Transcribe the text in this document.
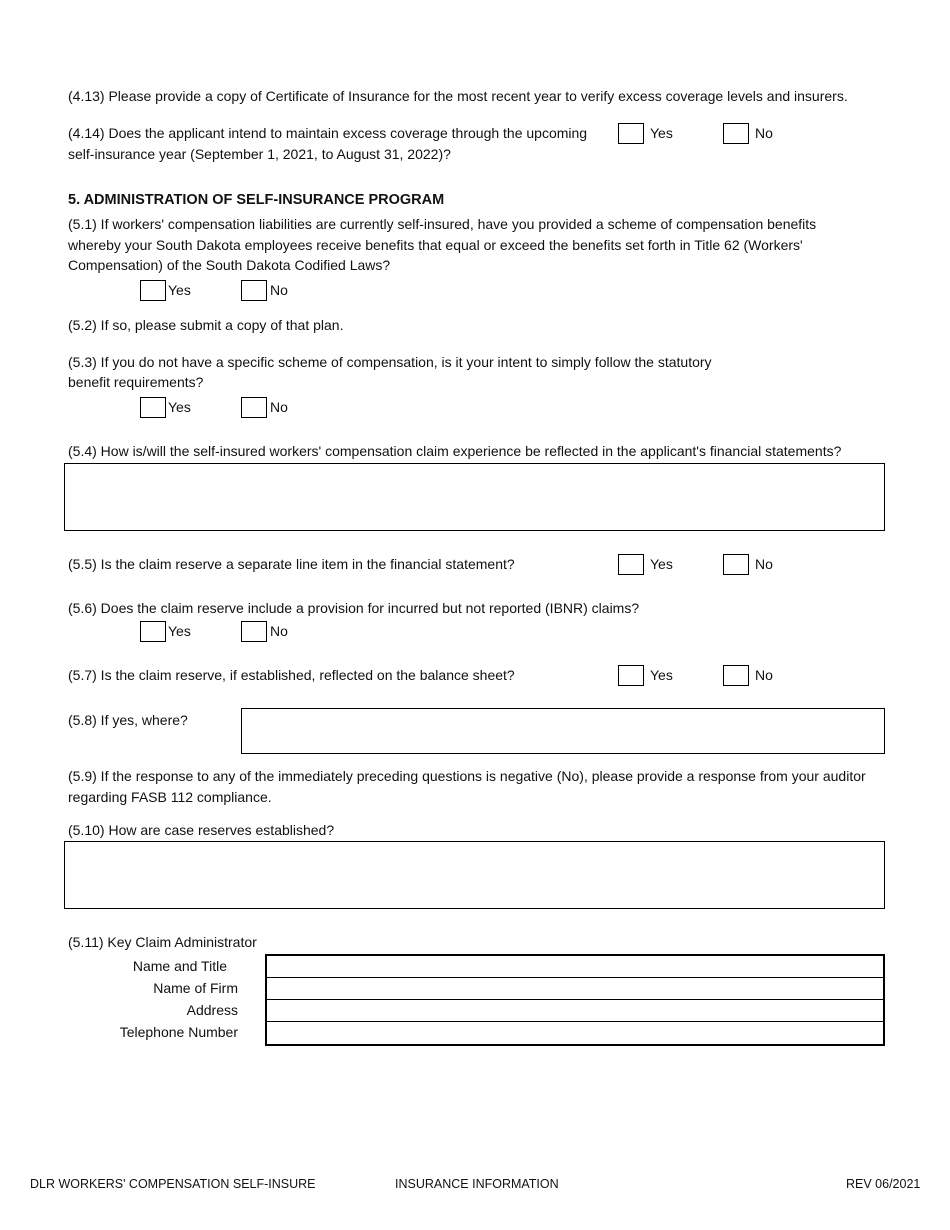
(4.13) Please provide a copy of Certificate of Insurance for the most recent year to verify excess coverage levels and insurers.
(4.14) Does the applicant intend to maintain excess coverage through the upcoming
self-insurance year (September 1, 2021, to August 31, 2022)?
Yes	No
5. ADMINISTRATION OF SELF-INSURANCE PROGRAM
(5.1) If workers' compensation liabilities are currently self-insured, have you provided a scheme of compensation benefits whereby your South Dakota employees receive benefits that equal or exceed the benefits set forth in Title 62 (Workers' Compensation) of the South Dakota Codified Laws?
Yes	No
(5.2) If so, please submit a copy of that plan.
(5.3) If you do not have a specific scheme of compensation, is it your intent to simply follow the statutory
benefit requirements?
Yes	No
(5.4) How is/will the self-insured workers' compensation claim experience be reflected in the applicant's financial statements?
(5.5) Is the claim reserve a separate line item in the financial statement?	Yes	No
(5.6) Does the claim reserve include a provision for incurred but not reported (IBNR) claims?
Yes	No
(5.7) Is the claim reserve, if established, reflected on the balance sheet?	Yes	No
(5.8) If yes, where?
(5.9) If the response to any of the immediately preceding questions is negative (No), please provide a response from your auditor regarding FASB 112 compliance.
(5.10) How are case reserves established?
(5.11) Key Claim Administrator
Name and Title
Name of Firm
Address
Telephone Number
DLR WORKERS' COMPENSATION SELF-INSURE	INSURANCE INFORMATION	REV 06/2021
